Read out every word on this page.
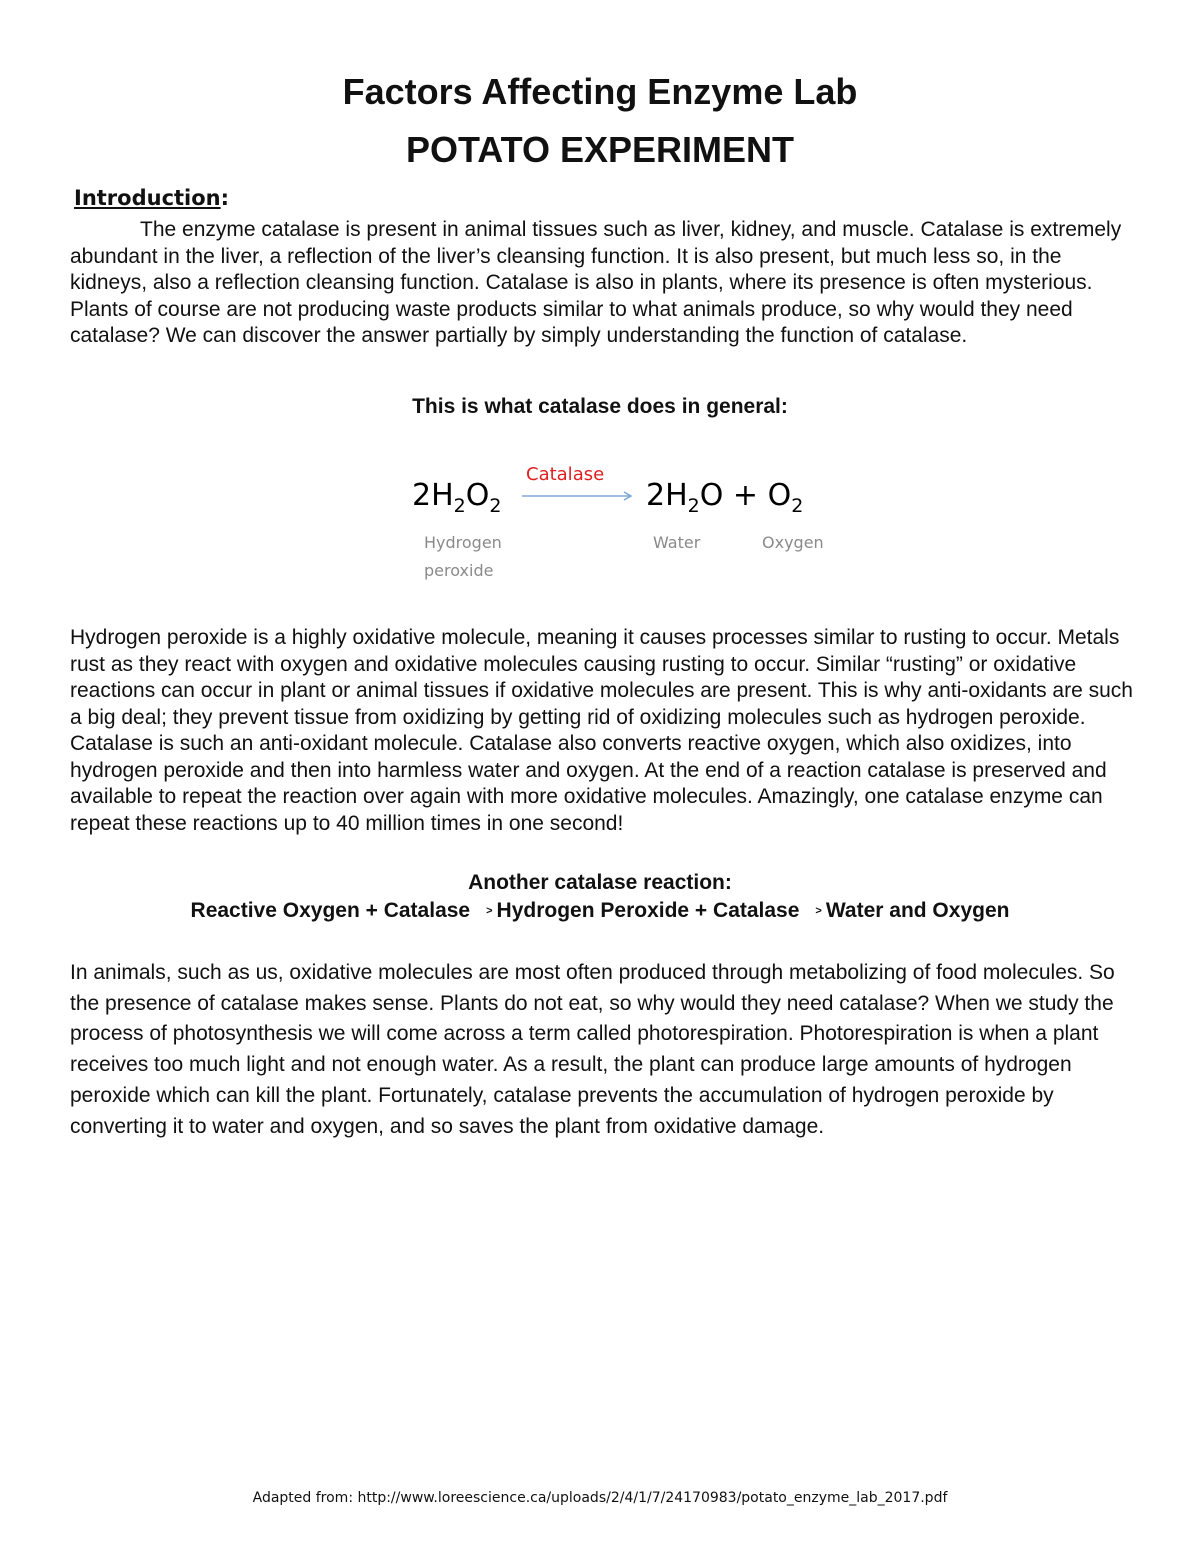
Factors Affecting Enzyme Lab
POTATO EXPERIMENT
Introduction:

The enzyme catalase is present in animal tissues such as liver, kidney, and muscle. Catalase is extremely abundant in the liver, a reflection of the liver’s cleansing function. It is also present, but much less so, in the kidneys, also a reflection cleansing function. Catalase is also in plants, where its presence is often mysterious. Plants of course are not producing waste products similar to what animals produce, so why would they need catalase? We can discover the answer partially by simply understanding the function of catalase.

This is what catalase does in general:

$2H_2O_2$
Catalase
$2H_2O + O_2$
Hydrogen
peroxide
Water	Oxygen

Hydrogen peroxide is a highly oxidative molecule, meaning it causes processes similar to rusting to occur. Metals rust as they react with oxygen and oxidative molecules causing rusting to occur. Similar “rusting” or oxidative reactions can occur in plant or animal tissues if oxidative molecules are present. This is why anti-oxidants are such a big deal; they prevent tissue from oxidizing by getting rid of oxidizing molecules such as hydrogen peroxide. Catalase is such an anti-oxidant molecule. Catalase also converts reactive oxygen, which also oxidizes, into hydrogen peroxide and then into harmless water and oxygen. At the end of a reaction catalase is preserved and available to repeat the reaction over again with more oxidative molecules. Amazingly, one catalase enzyme can repeat these reactions up to 40 million times in one second!

Another catalase reaction:

Reactive Oxygen + Catalase > Hydrogen Peroxide + Catalase > Water and Oxygen

In animals, such as us, oxidative molecules are most often produced through metabolizing of food molecules. So the presence of catalase makes sense. Plants do not eat, so why would they need catalase? When we study the process of photosynthesis we will come across a term called photorespiration. Photorespiration is when a plant receives too much light and not enough water. As a result, the plant can produce large amounts of hydrogen peroxide which can kill the plant. Fortunately, catalase prevents the accumulation of hydrogen peroxide by converting it to water and oxygen, and so saves the plant from oxidative damage.

Adapted from: http://www.loreescience.ca/uploads/2/4/1/7/24170983/potato_enzyme_lab_2017.pdf
